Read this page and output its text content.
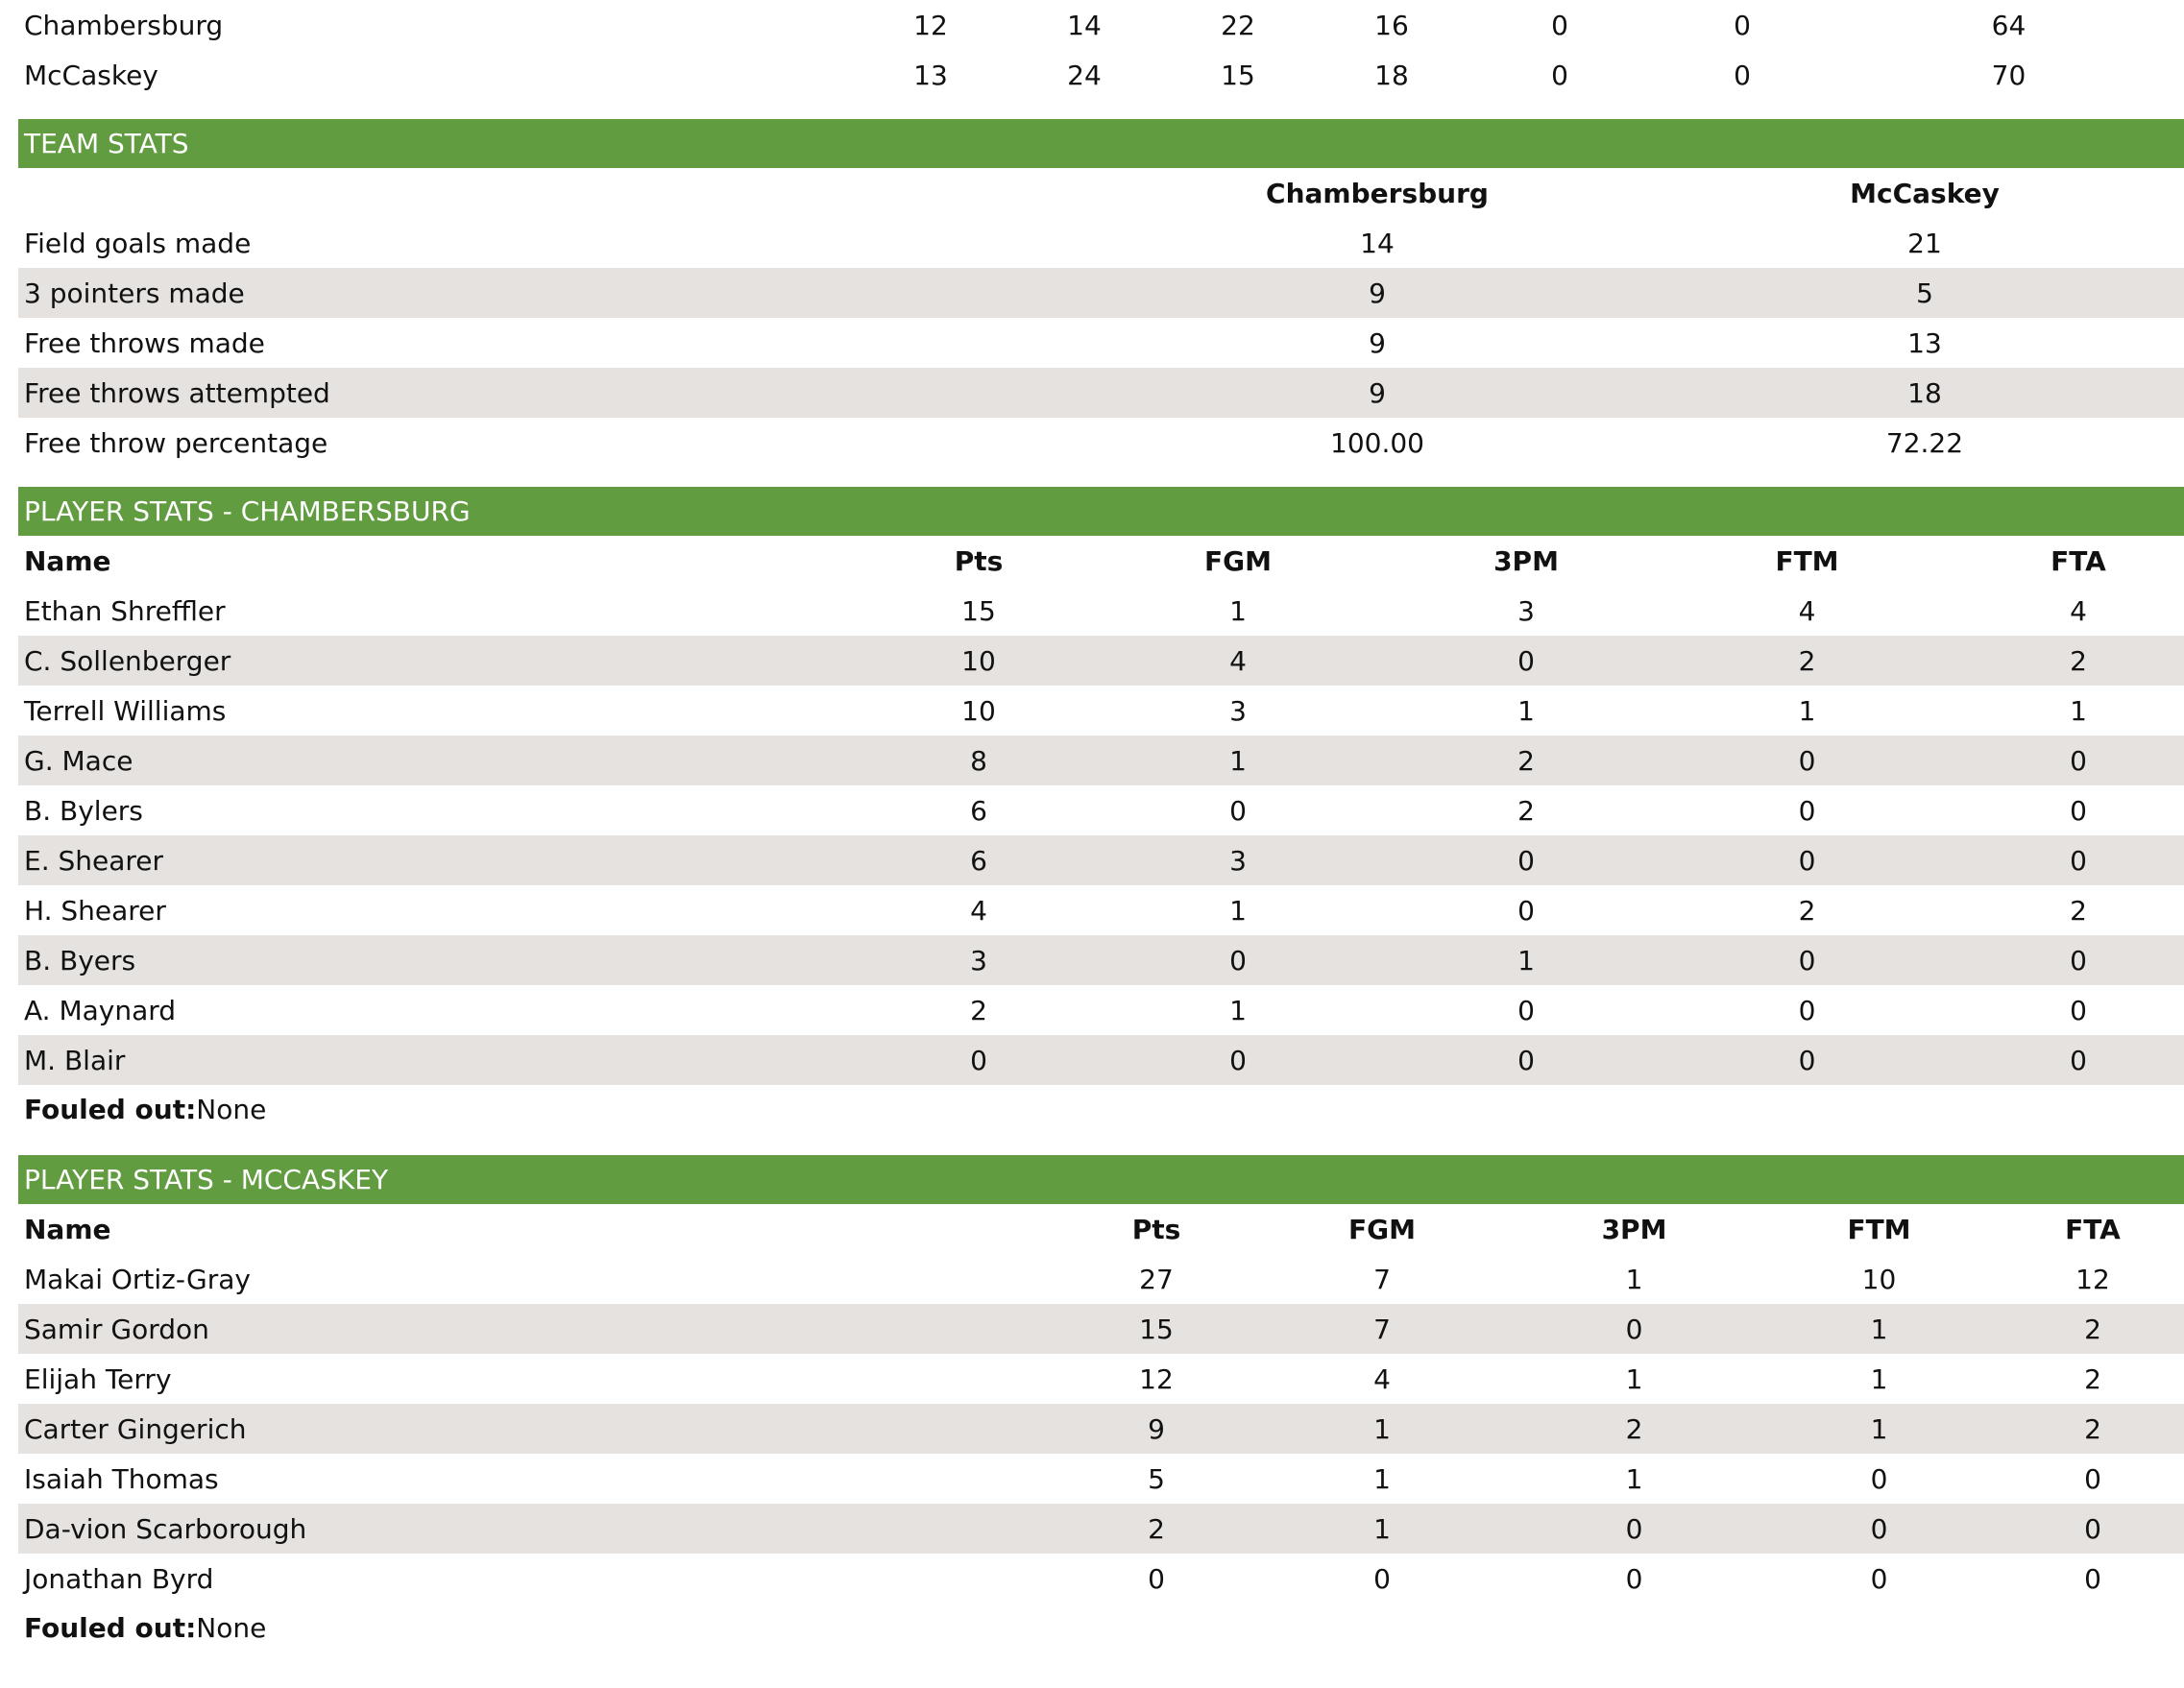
Chambersburg	12	14	22	16	0	0	64
McCaskey	13	24	15	18	0	0	70
TEAM STATS
	Chambersburg	McCaskey
Field goals made	14	21
3 pointers made	9	5
Free throws made	9	13
Free throws attempted	9	18
Free throw percentage	100.00	72.22
PLAYER STATS - CHAMBERSBURG
Name	Pts	FGM	3PM	FTM	FTA
Ethan Shreffler	15	1	3	4	4
C. Sollenberger	10	4	0	2	2
Terrell Williams	10	3	1	1	1
G. Mace	8	1	2	0	0
B. Bylers	6	0	2	0	0
E. Shearer	6	3	0	0	0
H. Shearer	4	1	0	2	2
B. Byers	3	0	1	0	0
A. Maynard	2	1	0	0	0
M. Blair	0	0	0	0	0
Fouled out:None
PLAYER STATS - MCCASKEY
Name	Pts	FGM	3PM	FTM	FTA
Makai Ortiz-Gray	27	7	1	10	12
Samir Gordon	15	7	0	1	2
Elijah Terry	12	4	1	1	2
Carter Gingerich	9	1	2	1	2
Isaiah Thomas	5	1	1	0	0
Da-vion Scarborough	2	1	0	0	0
Jonathan Byrd	0	0	0	0	0
Fouled out:None
